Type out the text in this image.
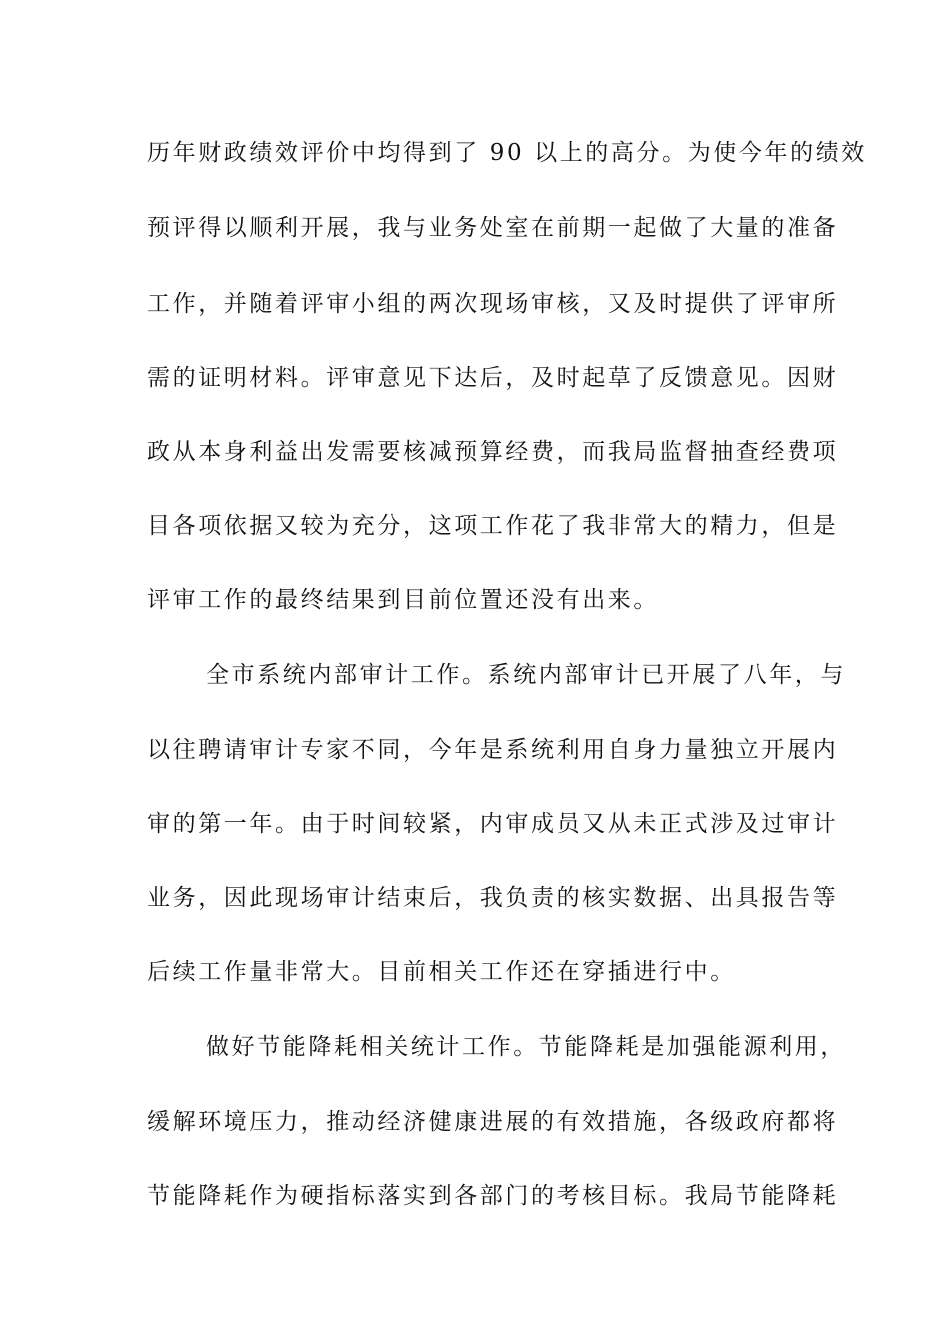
历年财政绩效评价中均得到了 90 以上的高分。为使今年的绩效
预评得以顺利开展，我与业务处室在前期一起做了大量的准备
工作，并随着评审小组的两次现场审核，又及时提供了评审所
需的证明材料。评审意见下达后，及时起草了反馈意见。因财
政从本身利益出发需要核减预算经费，而我局监督抽查经费项
目各项依据又较为充分，这项工作花了我非常大的精力，但是
评审工作的最终结果到目前位置还没有出来。
全市系统内部审计工作。系统内部审计已开展了八年，与
以往聘请审计专家不同，今年是系统利用自身力量独立开展内
审的第一年。由于时间较紧，内审成员又从未正式涉及过审计
业务，因此现场审计结束后，我负责的核实数据、出具报告等
后续工作量非常大。目前相关工作还在穿插进行中。
做好节能降耗相关统计工作。节能降耗是加强能源利用，
缓解环境压力，推动经济健康进展的有效措施，各级政府都将
节能降耗作为硬指标落实到各部门的考核目标。我局节能降耗
